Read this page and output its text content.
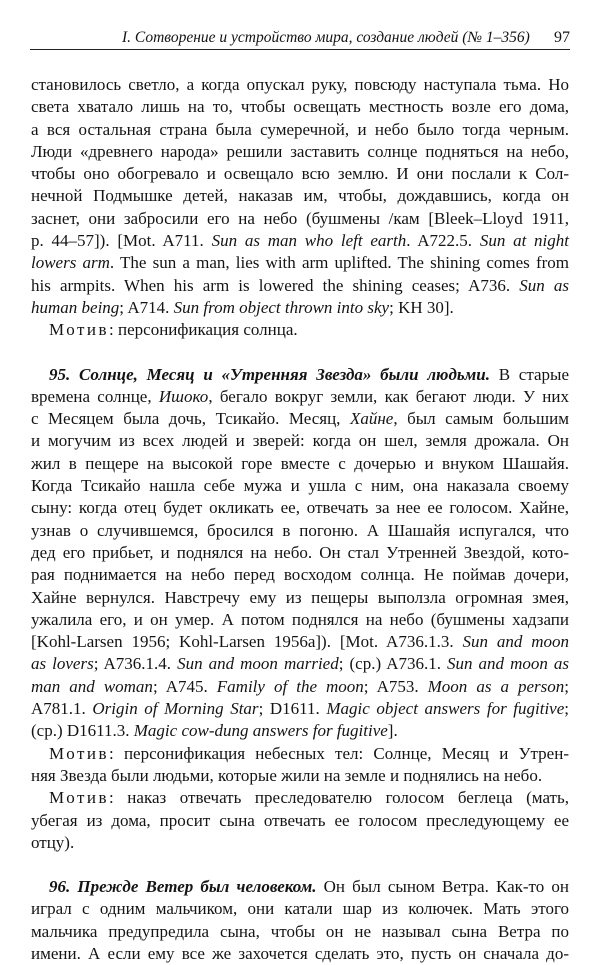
I. Сотворение и устройство мира, создание людей (№ 1–356) 97
становилось светло, а когда опускал руку, повсюду наступала тьма. Но
света хватало лишь на то, чтобы освещать местность возле его дома,
а вся остальная страна была сумеречной, и небо было тогда черным.
Люди «древнего народа» решили заставить солнце подняться на небо,
чтобы оно обогревало и освещало всю землю. И они послали к Сол-
нечной Подмышке детей, наказав им, чтобы, дождавшись, когда он
заснет, они забросили его на небо (бушмены /кам [Bleek–Lloyd 1911,
p. 44–57]). [Mot. A711. Sun as man who left earth. A722.5. Sun at night
lowers arm. The sun a man, lies with arm uplifted. The shining comes from
his armpits. When his arm is lowered the shining ceases; A736. Sun as
human being; A714. Sun from object thrown into sky; KH 30].
Мотив: персонификация солнца.
95. Солнце, Месяц и «Утренняя Звезда» были людьми. В старые
времена солнце, Ишоко, бегало вокруг земли, как бегают люди. У них
с Месяцем была дочь, Тсикайо. Месяц, Хайне, был самым большим
и могучим из всех людей и зверей: когда он шел, земля дрожала. Он
жил в пещере на высокой горе вместе с дочерью и внуком Шашайя.
Когда Тсикайо нашла себе мужа и ушла с ним, она наказала своему
сыну: когда отец будет окликать ее, отвечать за нее ее голосом. Хайне,
узнав о случившемся, бросился в погоню. А Шашайя испугался, что
дед его прибьет, и поднялся на небо. Он стал Утренней Звездой, кото-
рая поднимается на небо перед восходом солнца. Не поймав дочери,
Хайне вернулся. Навстречу ему из пещеры выползла огромная змея,
ужалила его, и он умер. А потом поднялся на небо (бушмены хадзапи
[Kohl-Larsen 1956; Kohl-Larsen 1956a]). [Mot. A736.1.3. Sun and moon
as lovers; A736.1.4. Sun and moon married; (cp.) A736.1. Sun and moon as
man and woman; A745. Family of the moon; A753. Moon as a person;
A781.1. Origin of Morning Star; D1611. Magic object answers for fugitive;
(cp.) D1611.3. Magic cow-dung answers for fugitive].
Мотив: персонификация небесных тел: Солнце, Месяц и Утрен-
няя Звезда были людьми, которые жили на земле и поднялись на небо.
Мотив: наказ отвечать преследователю голосом беглеца (мать,
убегая из дома, просит сына отвечать ее голосом преследующему ее
отцу).
96. Прежде Ветер был человеком. Он был сыном Ветра. Как-то он
играл с одним мальчиком, они катали шар из колючек. Мать этого
мальчика предупредила сына, чтобы он не называл сына Ветра по
имени. А если ему все же захочется сделать это, пусть он сначала до-
